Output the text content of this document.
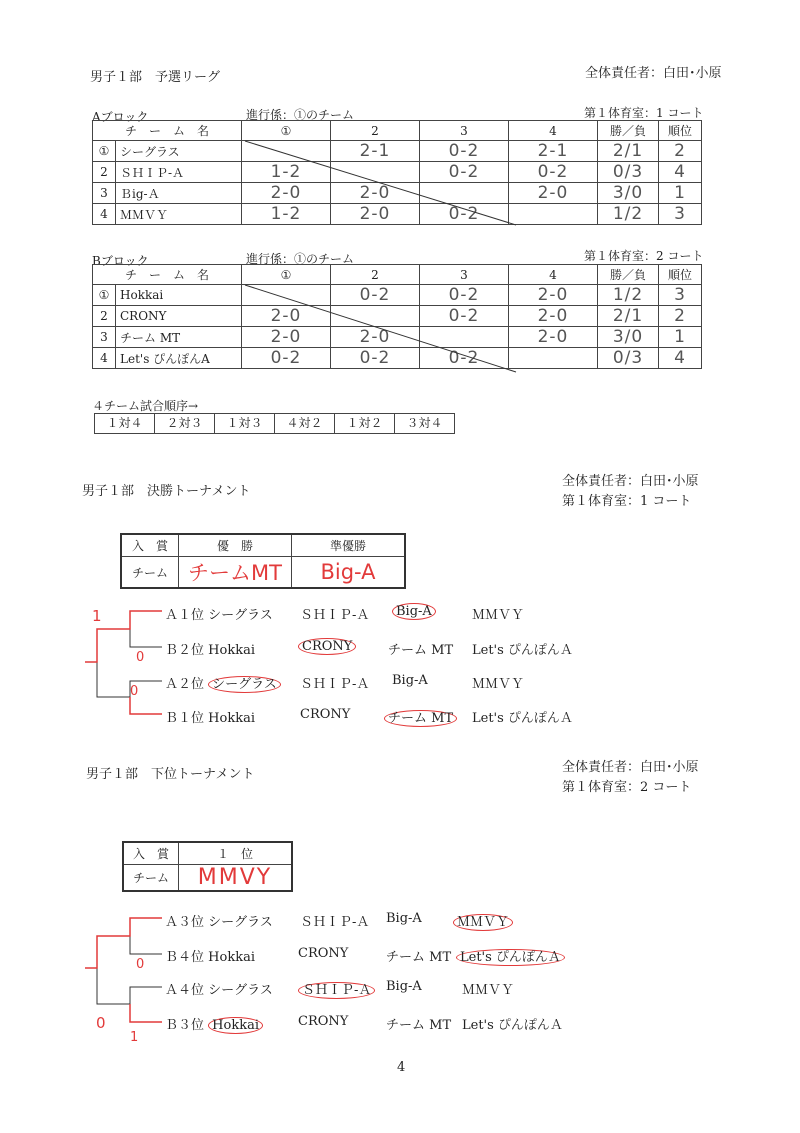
男子１部　予選リーグ	全体責任者：白田･小原
Aブロック	進行係：①のチーム	第１体育室：1 コート
チ　ー　ム　名		①	2	3	4	勝／負	順位
①	シーグラス		2-1	0-2	2-1	2/1	2
2	ＳＨＩＰ-Ａ	1-2		0-2	0-2	0/3	4
3	Ｂig-Ａ	2-0	2-0		2-0	3/0	1
4	ＭＭＶＹ	1-2	2-0	0-2		1/2	3
Bブロック	進行係：①のチーム	第１体育室：2 コート
チ　ー　ム　名		①	2	3	4	勝／負	順位
①	Hokkai		0-2	0-2	2-0	1/2	3
2	CRONY	2-0		0-2	2-0	2/1	2
3	チーム MT	2-0	2-0		2-0	3/0	1
4	Let's ぴんぽんA	0-2	0-2	0-2		0/3	4
４チーム試合順序→
１対４	２対３	１対３	４対２	１対２	３対４
男子１部　決勝トーナメント
全体責任者：白田･小原
第１体育室：1 コート
入　賞	優　勝	準優勝
チーム	チームMT	Big-A
Ａ１位 シーグラス ＳＨＩＰ-Ａ	Big-A	ＭＭＶＹ
Ｂ２位 Hokkai	CRONY	チーム MT Let's ぴんぽんＡ
Ａ２位 シーグラス	ＳＨＩＰ-Ａ Big-A	ＭＭＶＹ
Ｂ１位 Hokkai	CRONY	チーム MT	Let's ぴんぽんＡ
1
0
0
男子１部　下位トーナメント	全体責任者：白田･小原
第１体育室：2 コート
入　賞	１　位
チーム	MMVY
Ａ３位 シーグラス ＳＨＩＰ-Ａ Big-A	ＭＭＶＹ
Ｂ４位 Hokkai	CRONY	チーム MT Let's ぴんぽんＡ
Ａ４位 シーグラス	ＳＨＩＰ-Ａ	Big-A	ＭＭＶＹ
Ｂ３位 Hokkai	CRONY	チーム MT Let's ぴんぽんＡ
0
0
1
4
